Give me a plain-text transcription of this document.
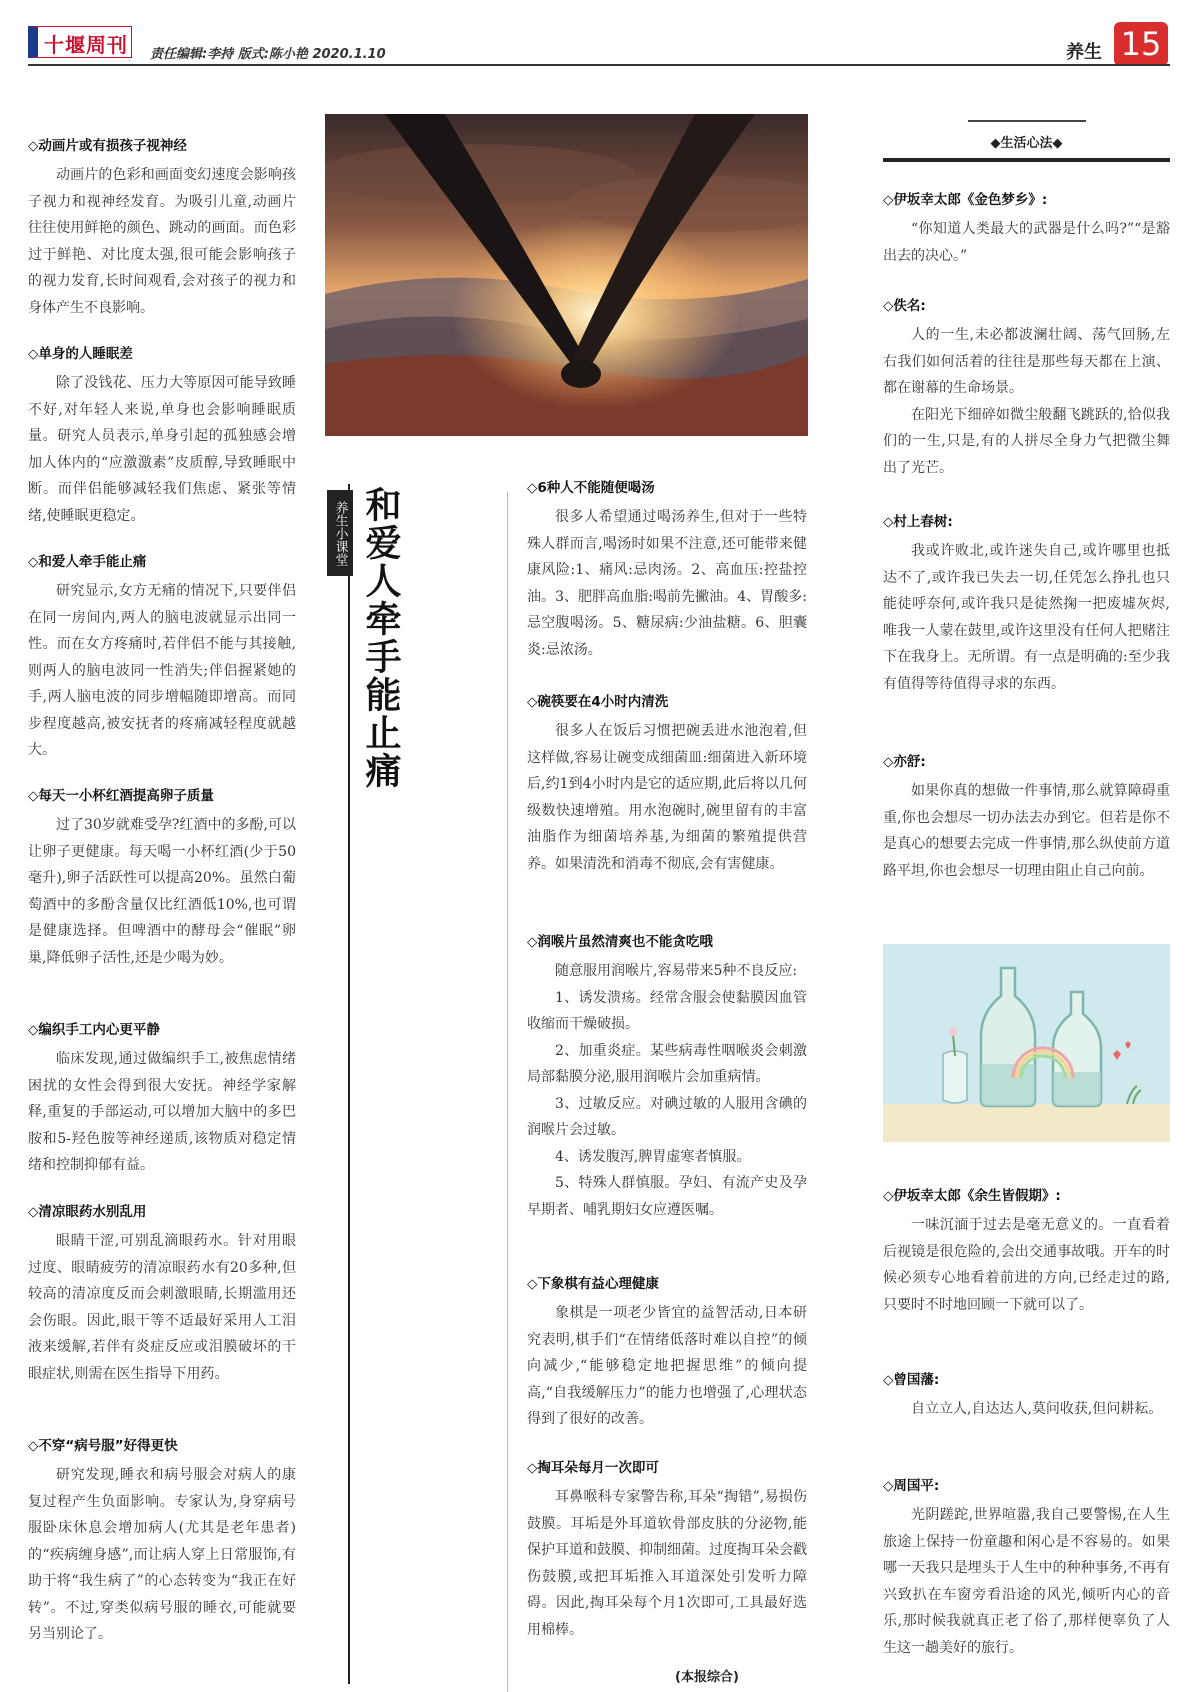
十堰周刊 责任编辑:李持 版式:陈小艳 2020.1.10	养生 15
养生小课堂 和爱人牵手能止痛
◇动画片或有损孩子视神经

动画片的色彩和画面变幻速度会影响孩子视力和视神经发育。为吸引儿童,动画片往往使用鲜艳的颜色、跳动的画面。而色彩过于鲜艳、对比度太强,很可能会影响孩子的视力发育,长时间观看,会对孩子的视力和身体产生不良影响。

◇单身的人睡眠差

除了没钱花、压力大等原因可能导致睡不好,对年轻人来说,单身也会影响睡眠质量。研究人员表示,单身引起的孤独感会增加人体内的“应激激素”皮质醇,导致睡眠中断。而伴侣能够减轻我们焦虑、紧张等情绪,使睡眠更稳定。

◇和爱人牵手能止痛

研究显示,女方无痛的情况下,只要伴侣在同一房间内,两人的脑电波就显示出同一性。而在女方疼痛时,若伴侣不能与其接触,则两人的脑电波同一性消失;伴侣握紧她的手,两人脑电波的同步增幅随即增高。而同步程度越高,被安抚者的疼痛减轻程度就越大。

◇每天一小杯红酒提高卵子质量

过了30岁就难受孕?红酒中的多酚,可以让卵子更健康。每天喝一小杯红酒(少于50毫升),卵子活跃性可以提高20%。虽然白葡萄酒中的多酚含量仅比红酒低10%,也可谓是健康选择。但啤酒中的酵母会“催眠”卵巢,降低卵子活性,还是少喝为妙。

◇编织手工内心更平静

临床发现,通过做编织手工,被焦虑情绪困扰的女性会得到很大安抚。神经学家解释,重复的手部运动,可以增加大脑中的多巴胺和5-羟色胺等神经递质,该物质对稳定情绪和控制抑郁有益。

◇清凉眼药水别乱用

眼睛干涩,可别乱滴眼药水。针对用眼过度、眼睛疲劳的清凉眼药水有20多种,但较高的清凉度反而会刺激眼睛,长期滥用还会伤眼。因此,眼干等不适最好采用人工泪液来缓解,若伴有炎症反应或泪膜破坏的干眼症状,则需在医生指导下用药。

◇不穿“病号服”好得更快

研究发现,睡衣和病号服会对病人的康复过程产生负面影响。专家认为,身穿病号服卧床休息会增加病人(尤其是老年患者)的“疾病缠身感”,而让病人穿上日常服饰,有助于将“我生病了”的心态转变为“我正在好转”。不过,穿类似病号服的睡衣,可能就要另当别论了。

◇6种人不能随便喝汤

很多人希望通过喝汤养生,但对于一些特殊人群而言,喝汤时如果不注意,还可能带来健康风险:1、痛风:忌肉汤。2、高血压:控盐控油。3、肥胖高血脂:喝前先撇油。4、胃酸多:忌空腹喝汤。5、糖尿病:少油盐糖。6、胆囊炎:忌浓汤。

◇碗筷要在4小时内清洗

很多人在饭后习惯把碗丢进水池泡着,但这样做,容易让碗变成细菌皿:细菌进入新环境后,约1到4小时内是它的适应期,此后将以几何级数快速增殖。用水泡碗时,碗里留有的丰富油脂作为细菌培养基,为细菌的繁殖提供营养。如果清洗和消毒不彻底,会有害健康。

◇润喉片虽然清爽也不能贪吃哦

随意服用润喉片,容易带来5种不良反应:

1、诱发溃疡。经常含服会使黏膜因血管收缩而干燥破损。

2、加重炎症。某些病毒性咽喉炎会刺激局部黏膜分泌,服用润喉片会加重病情。

3、过敏反应。对碘过敏的人服用含碘的润喉片会过敏。

4、诱发腹泻,脾胃虚寒者慎服。

5、特殊人群慎服。孕妇、有流产史及孕早期者、哺乳期妇女应遵医嘱。

◇下象棋有益心理健康

象棋是一项老少皆宜的益智活动,日本研究表明,棋手们“在情绪低落时难以自控”的倾向减少,“能够稳定地把握思维”的倾向提高,“自我缓解压力”的能力也增强了,心理状态得到了很好的改善。

◇掏耳朵每月一次即可

耳鼻喉科专家警告称,耳朵“掏错”,易损伤鼓膜。耳垢是外耳道软骨部皮肤的分泌物,能保护耳道和鼓膜、抑制细菌。过度掏耳朵会戳伤鼓膜,或把耳垢推入耳道深处引发听力障碍。因此,掏耳朵每个月1次即可,工具最好选用棉棒。

(本报综合)
◆生活心法◆
◇伊坂幸太郎《金色梦乡》:

“你知道人类最大的武器是什么吗?”“是豁出去的决心。”

◇佚名:

人的一生,未必都波澜壮阔、荡气回肠,左右我们如何活着的往往是那些每天都在上演、都在谢幕的生命场景。

在阳光下细碎如微尘般翻飞跳跃的,恰似我们的一生,只是,有的人拼尽全身力气把微尘舞出了光芒。

◇村上春树:

我或许败北,或许迷失自己,或许哪里也抵达不了,或许我已失去一切,任凭怎么挣扎也只能徒呼奈何,或许我只是徒然掬一把废墟灰烬,唯我一人蒙在鼓里,或许这里没有任何人把赌注下在我身上。无所谓。有一点是明确的:至少我有值得等待值得寻求的东西。

◇亦舒:

如果你真的想做一件事情,那么就算障碍重重,你也会想尽一切办法去办到它。但若是你不是真心的想要去完成一件事情,那么纵使前方道路平坦,你也会想尽一切理由阻止自己向前。

◇伊坂幸太郎《余生皆假期》:

一味沉湎于过去是毫无意义的。一直看着后视镜是很危险的,会出交通事故哦。开车的时候必须专心地看着前进的方向,已经走过的路,只要时不时地回顾一下就可以了。

◇曾国藩:

自立立人,自达达人,莫问收获,但问耕耘。

◇周国平:

光阴蹉跎,世界喧嚣,我自己要警惕,在人生旅途上保持一份童趣和闲心是不容易的。如果哪一天我只是埋头于人生中的种种事务,不再有兴致扒在车窗旁看沿途的风光,倾听内心的音乐,那时候我就真正老了俗了,那样便辜负了人生这一趟美好的旅行。
